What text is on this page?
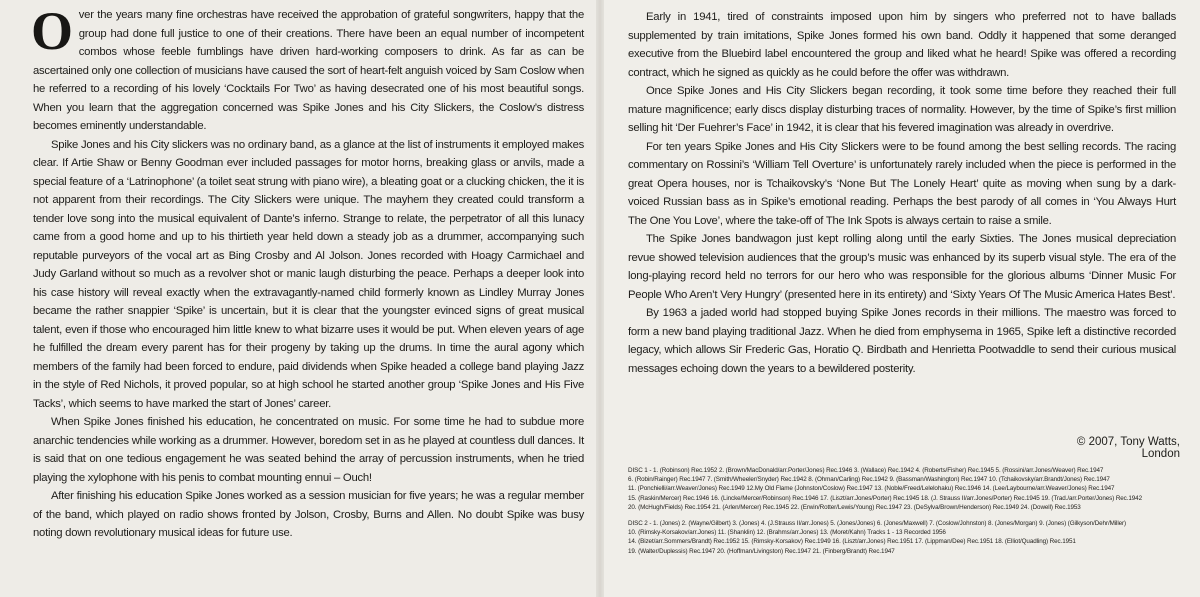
Over the years many fine orchestras have received the approbation of grateful songwriters, happy that the group had done full justice to one of their creations. There have been an equal number of incompetent combos whose feeble fumblings have driven hard-working composers to drink. As far as can be ascertained only one collection of musicians have caused the sort of heart-felt anguish voiced by Sam Coslow when he referred to a recording of his lovely ‘Cocktails For Two’ as having desecrated one of his most beautiful songs. When you learn that the aggregation concerned was Spike Jones and his City Slickers, the Coslow’s distress becomes eminently understandable.

Spike Jones and his City slickers was no ordinary band, as a glance at the list of instruments it employed makes clear. If Artie Shaw or Benny Goodman ever included passages for motor horns, breaking glass or anvils, made a special feature of a ‘Latrinophone’ (a toilet seat strung with piano wire), a bleating goat or a clucking chicken, the it is not apparent from their recordings. The City Slickers were unique. The mayhem they created could transform a tender love song into the musical equivalent of Dante’s inferno. Strange to relate, the perpetrator of all this lunacy came from a good home and up to his thirtieth year held down a steady job as a drummer, accompanying such reputable purveyors of the vocal art as Bing Crosby and Al Jolson. Jones recorded with Hoagy Carmichael and Judy Garland without so much as a revolver shot or manic laugh disturbing the peace. Perhaps a deeper look into his case history will reveal exactly when the extravagantly-named child formerly known as Lindley Murray Jones became the rather snappier ‘Spike’ is uncertain, but it is clear that the youngster evinced signs of great musical talent, even if those who encouraged him little knew to what bizarre uses it would be put. When eleven years of age he fulfilled the dream every parent has for their progeny by taking up the drums. In time the aural agony which members of the family had been forced to endure, paid dividends when Spike headed a college band playing Jazz in the style of Red Nichols, it proved popular, so at high school he started another group ‘Spike Jones and His Five Tacks’, which seems to have marked the start of Jones’ career.

When Spike Jones finished his education, he concentrated on music. For some time he had to subdue more anarchic tendencies while working as a drummer. However, boredom set in as he played at countless dull dances. It is said that on one tedious engagement he was seated behind the array of percussion instruments, when he tried playing the xylophone with his penis to combat mounting ennui – Ouch!

After finishing his education Spike Jones worked as a session musician for five years; he was a regular member of the band, which played on radio shows fronted by Jolson, Crosby, Burns and Allen. No doubt Spike was busy noting down revolutionary musical ideas for future use.

Early in 1941, tired of constraints imposed upon him by singers who preferred not to have ballads supplemented by train imitations, Spike Jones formed his own band. Oddly it happened that some deranged executive from the Bluebird label encountered the group and liked what he heard! Spike was offered a recording contract, which he signed as quickly as he could before the offer was withdrawn.

Once Spike Jones and His City Slickers began recording, it took some time before they reached their full mature magnificence; early discs display disturbing traces of normality. However, by the time of Spike’s first million selling hit ‘Der Fuehrer’s Face’ in 1942, it is clear that his fevered imagination was already in overdrive.

For ten years Spike Jones and His City Slickers were to be found among the best selling records. The racing commentary on Rossini’s ‘William Tell Overture’ is unfortunately rarely included when the piece is performed in the great Opera houses, nor is Tchaikovsky’s ‘None But The Lonely Heart’ quite as moving when sung by a dark-voiced Russian bass as in Spike’s emotional reading. Perhaps the best parody of all comes in ‘You Always Hurt The One You Love’, where the take-off of The Ink Spots is always certain to raise a smile.

The Spike Jones bandwagon just kept rolling along until the early Sixties. The Jones musical depreciation revue showed television audiences that the group’s music was enhanced by its superb visual style. The era of the long-playing record held no terrors for our hero who was responsible for the glorious albums ‘Dinner Music For People Who Aren’t Very Hungry’ (presented here in its entirety) and ‘Sixty Years Of The Music America Hates Best’.

By 1963 a jaded world had stopped buying Spike Jones records in their millions. The maestro was forced to form a new band playing traditional Jazz. When he died from emphysema in 1965, Spike left a distinctive recorded legacy, which allows Sir Frederic Gas, Horatio Q. Birdbath and Henrietta Pootwaddle to send their curious musical messages echoing down the years to a bewildered posterity.

© 2007, Tony Watts, London
DISC 1 - 1. (Robinson) Rec.1952 2. (Brown/MacDonald/arr.Porter/Jones) Rec.1946 3. (Wallace) Rec.1942 4. (Roberts/Fisher) Rec.1945 5. (Rossini/arr.Jones/Weaver) Rec.1947
6. (Robin/Rainger) Rec.1947 7. (Smith/Wheeler/Snyder) Rec.1942 8. (Ohman/Carling) Rec.1942 9. (Bassman/Washington) Rec.1947 10. (Tchaikovsky/arr.Brandt/Jones) Rec.1947
11. (Ponchielli/arr.Weaver/Jones) Rec.1949 12.My Old Flame (Johnston/Coslow) Rec.1947 13. (Noble/Freed/Lelelohaku) Rec.1946 14. (Lee/Laybourne/arr.Weaver/Jones) Rec.1947
15. (Raskin/Mercer) Rec.1946 16. (Lincke/Mercer/Robinson) Rec.1946 17. (Liszt/arr.Jones/Porter) Rec.1945 18. (J. Strauss II/arr.Jones/Porter) Rec.1945 19. (Trad./arr.Porter/Jones) Rec.1942
20. (McHugh/Fields) Rec.1954 21. (Arlen/Mercer) Rec.1945 22. (Erwin/Rotter/Lewis/Young) Rec.1947 23. (DeSylva/Brown/Henderson) Rec.1949 24. (Dowell) Rec.1953
DISC 2 - 1. (Jones) 2. (Wayne/Gilbert) 3. (Jones) 4. (J.Strauss II/arr.Jones) 5. (Jones/Jones) 6. (Jones/Maxwell) 7. (Coslow/Johnston) 8. (Jones/Morgan) 9. (Jones) (Gilkyson/Dehr/Miller)
10. (Rimsky-Korsakov/arr.Jones) 11. (Shanklin) 12. (Brahms/arr.Jones) 13. (Moret/Kahn) Tracks 1 - 13 Recorded 1956
14. (Bizet/arr.Sommers/Brandt) Rec.1952 15. (Rimsky-Korsakov) Rec.1949 16. (Liszt/arr.Jones) Rec.1951 17. (Lippman/Dee) Rec.1951 18. (Elliot/Quadling) Rec.1951
19. (Walter/Duplessis) Rec.1947 20. (Hoffman/Livingston) Rec.1947 21. (Finberg/Brandt) Rec.1947
